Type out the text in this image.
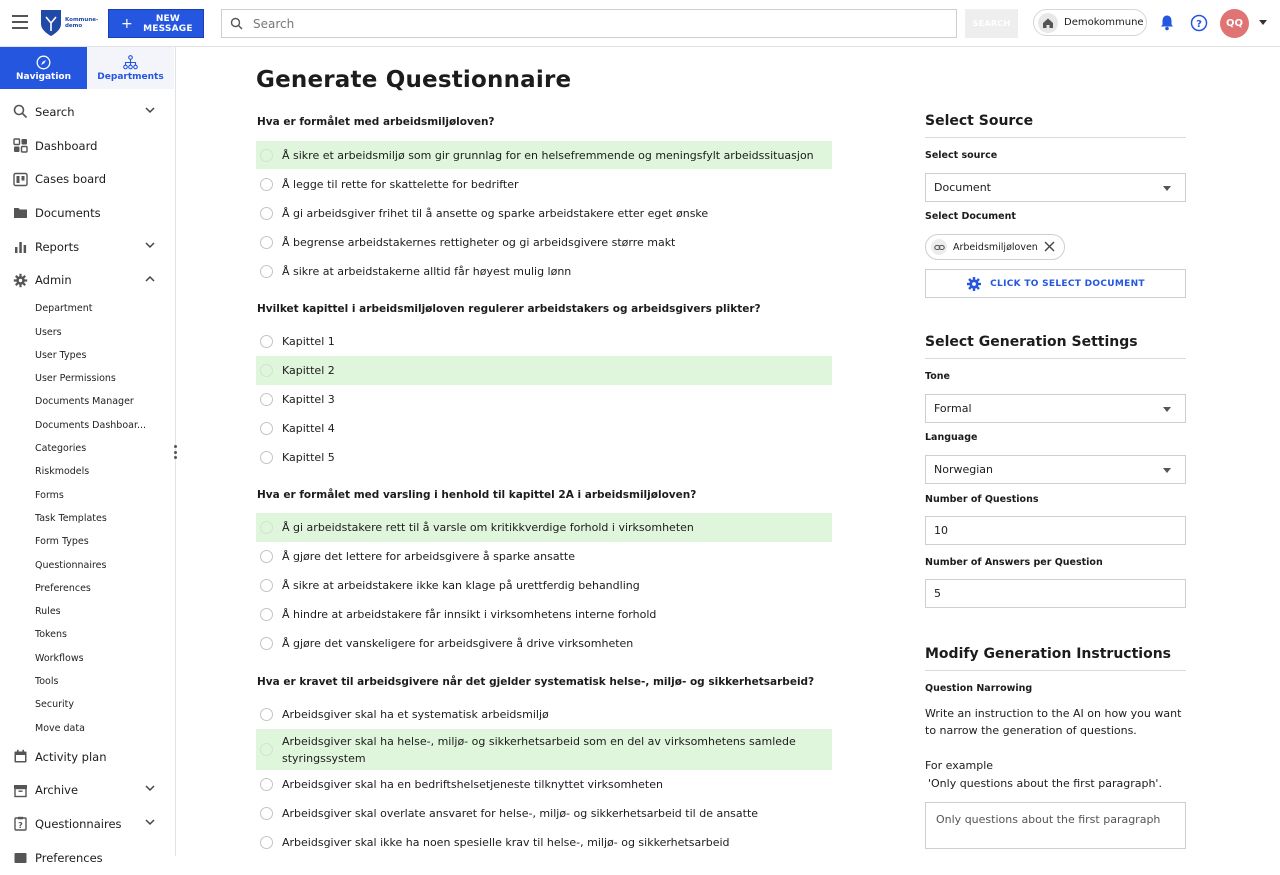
Kommune-demo	+	NEW MESSAGE
Search	SEARCH	Demokommune	?	QQ
Navigation	Departments
Search
Dashboard
Cases board
Documents
Reports
Admin
Department
Users
User Types
User Permissions
Documents Manager
Documents Dashboar...
Categories
Riskmodels
Forms
Task Templates
Form Types
Questionnaires
Preferences
Rules
Tokens
Workflows
Tools
Security
Move data
Activity plan
Archive
? Questionnaires
Preferences
Generate Questionnaire
Hva er formålet med arbeidsmiljøloven?
Å sikre et arbeidsmiljø som gir grunnlag for en helsefremmende og meningsfylt arbeidssituasjon
Å legge til rette for skattelette for bedrifter
Å gi arbeidsgiver frihet til å ansette og sparke arbeidstakere etter eget ønske
Å begrense arbeidstakernes rettigheter og gi arbeidsgivere større makt
Å sikre at arbeidstakerne alltid får høyest mulig lønn
Hvilket kapittel i arbeidsmiljøloven regulerer arbeidstakers og arbeidsgivers plikter?
Kapittel 1
Kapittel 2
Kapittel 3
Kapittel 4
Kapittel 5
Hva er formålet med varsling i henhold til kapittel 2A i arbeidsmiljøloven?
Å gi arbeidstakere rett til å varsle om kritikkverdige forhold i virksomheten
Å gjøre det lettere for arbeidsgivere å sparke ansatte
Å sikre at arbeidstakere ikke kan klage på urettferdig behandling
Å hindre at arbeidstakere får innsikt i virksomhetens interne forhold
Å gjøre det vanskeligere for arbeidsgivere å drive virksomheten
Hva er kravet til arbeidsgivere når det gjelder systematisk helse-, miljø- og sikkerhetsarbeid?
Arbeidsgiver skal ha et systematisk arbeidsmiljø
Arbeidsgiver skal ha helse-, miljø- og sikkerhetsarbeid som en del av virksomhetens samlede styringssystem
Arbeidsgiver skal ha en bedriftshelsetjeneste tilknyttet virksomheten
Arbeidsgiver skal overlate ansvaret for helse-, miljø- og sikkerhetsarbeid til de ansatte
Arbeidsgiver skal ikke ha noen spesielle krav til helse-, miljø- og sikkerhetsarbeid
Select Source
Select source
Document
Select Document
Arbeidsmiljøloven
CLICK TO SELECT DOCUMENT
Select Generation Settings
Tone
Formal
Language
Norwegian
Number of Questions
10
Number of Answers per Question
5
Modify Generation Instructions
Question Narrowing
Write an instruction to the AI on how you want to narrow the generation of questions.
For example
'Only questions about the first paragraph'.
Only questions about the first paragraph
